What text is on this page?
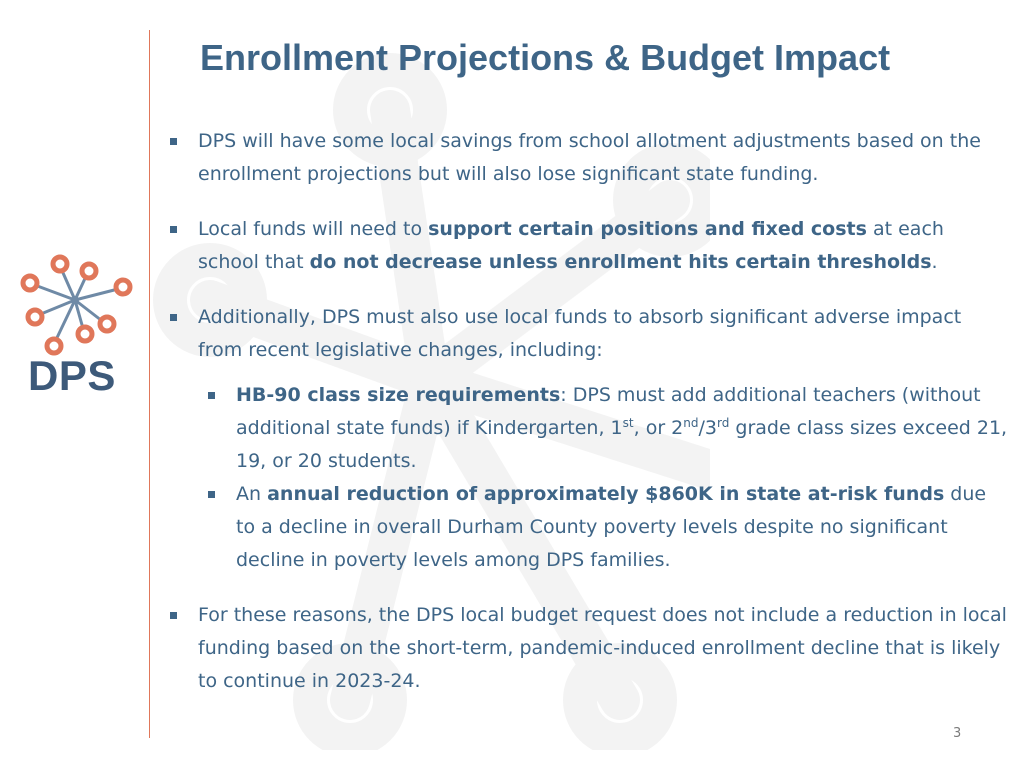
DPS
Enrollment Projections & Budget Impact
DPS will have some local savings from school allotment adjustments based on the enrollment projections but will also lose significant state funding.
Local funds will need to support certain positions and fixed costs at each school that do not decrease unless enrollment hits certain thresholds.
Additionally, DPS must also use local funds to absorb significant adverse impact from recent legislative changes, including:
HB-90 class size requirements: DPS must add additional teachers (without additional state funds) if Kindergarten, 1st, or 2nd/3rd grade class sizes exceed 21, 19, or 20 students.
An annual reduction of approximately $860K in state at-risk funds due to a decline in overall Durham County poverty levels despite no significant decline in poverty levels among DPS families.
For these reasons, the DPS local budget request does not include a reduction in local funding based on the short-term, pandemic-induced enrollment decline that is likely to continue in 2023-24.
3
